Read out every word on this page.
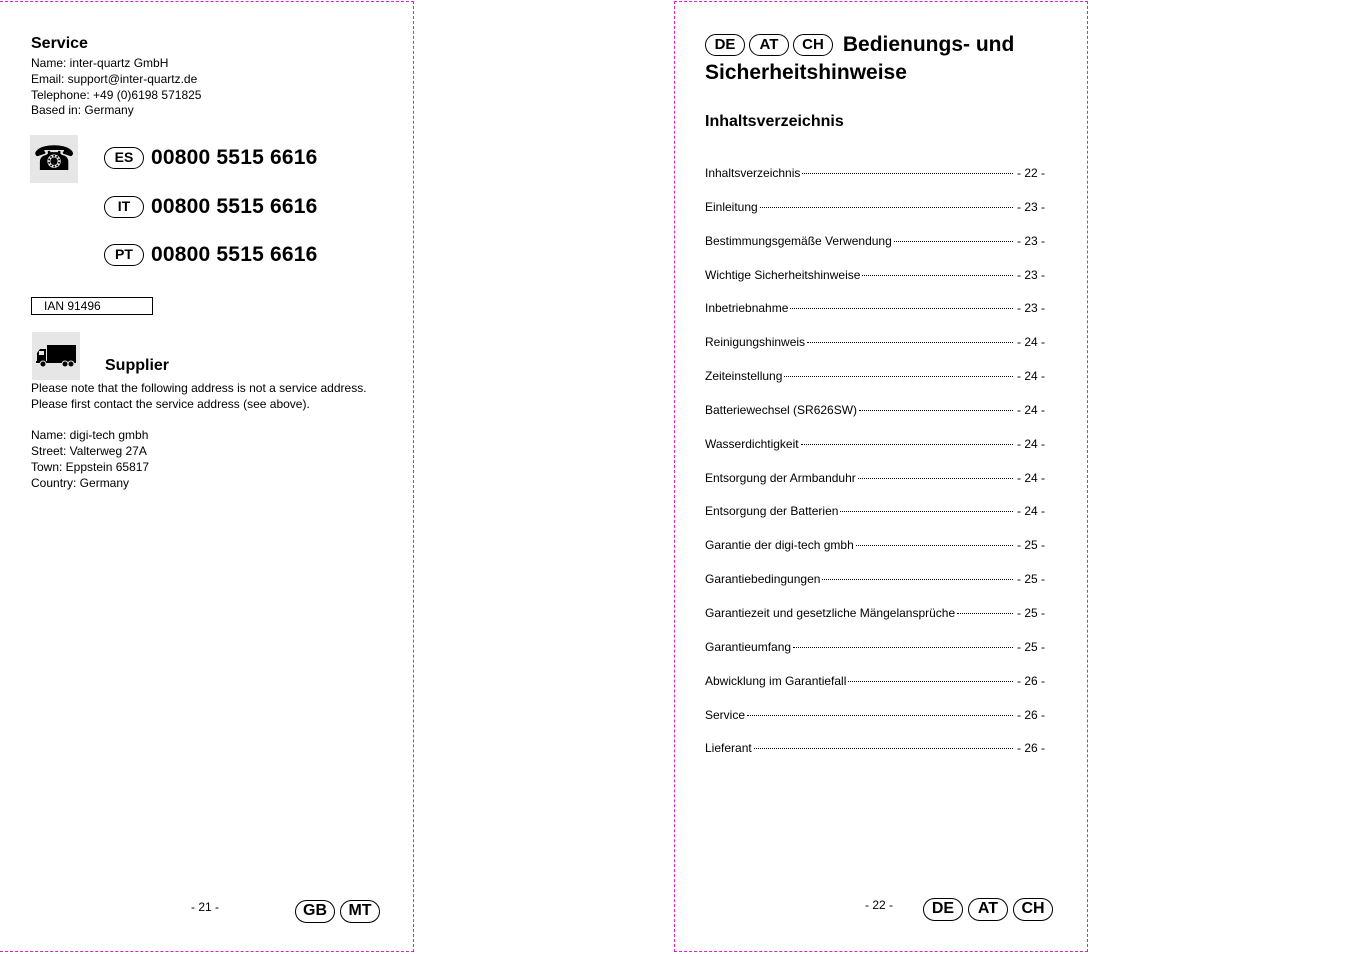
Service
Name: inter-quartz GmbH
Email: support@inter-quartz.de
Telephone: +49 (0)6198 571825
Based in: Germany
☎	ES 00800 5515 6616
IT 00800 5515 6616
PT 00800 5515 6616
IAN 91496
Supplier
Please note that the following address is not a service address.
Please first contact the service address (see above).
Name: digi-tech gmbh
Street: Valterweg 27A
Town: Eppstein 65817
Country: Germany
- 21 -	GB	MT
DE AT CH Bedienungs- und Sicherheitshinweise
Inhaltsverzeichnis
Inhaltsverzeichnis	- 22 -
Einleitung	- 23 -
Bestimmungsgemäße Verwendung	- 23 -
Wichtige Sicherheitshinweise	- 23 -
Inbetriebnahme	- 23 -
Reinigungshinweis	- 24 -
Zeiteinstellung	- 24 -
Batteriewechsel (SR626SW)	- 24 -
Wasserdichtigkeit	- 24 -
Entsorgung der Armbanduhr	- 24 -
Entsorgung der Batterien	- 24 -
Garantie der digi-tech gmbh	- 25 -
Garantiebedingungen	- 25 -
Garantiezeit und gesetzliche Mängelansprüche	- 25 -
Garantieumfang	- 25 -
Abwicklung im Garantiefall	- 26 -
Service	- 26 -
Lieferant	- 26 -
- 22 -	DE	AT	CH
